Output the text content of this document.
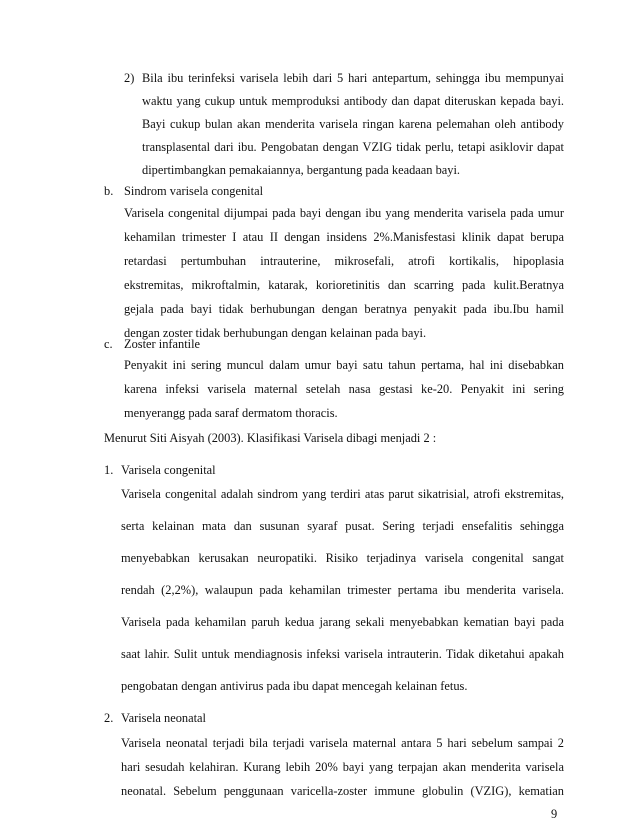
2) Bila ibu terinfeksi varisela lebih dari 5 hari antepartum, sehingga ibu mempunyai
waktu yang cukup untuk memproduksi antibody dan dapat diteruskan kepada bayi.
Bayi cukup bulan akan menderita varisela ringan karena pelemahan oleh antibody
transplasental dari ibu. Pengobatan dengan VZIG tidak perlu, tetapi asiklovir dapat
dipertimbangkan pemakaiannya, bergantung pada keadaan bayi.
b. Sindrom varisela congenital
Varisela congenital dijumpai pada bayi dengan ibu yang menderita varisela pada umur
kehamilan trimester I atau II dengan insidens 2%.Manisfestasi klinik dapat berupa
retardasi pertumbuhan intrauterine, mikrosefali, atrofi kortikalis, hipoplasia
ekstremitas, mikroftalmin, katarak, korioretinitis dan scarring pada kulit.Beratnya
gejala pada bayi tidak berhubungan dengan beratnya penyakit pada ibu.Ibu hamil
dengan zoster tidak berhubungan dengan kelainan pada bayi.
c. Zoster infantile
Penyakit ini sering muncul dalam umur bayi satu tahun pertama, hal ini disebabkan
karena infeksi varisela maternal setelah nasa gestasi ke-20. Penyakit ini sering
menyerangg pada saraf dermatom thoracis.
Menurut Siti Aisyah (2003). Klasifikasi Varisela dibagi menjadi 2 :
1. Varisela congenital
Varisela congenital adalah sindrom yang terdiri atas parut sikatrisial, atrofi ekstremitas,
serta kelainan mata dan susunan syaraf pusat. Sering terjadi ensefalitis sehingga
menyebabkan kerusakan neuropatiki. Risiko terjadinya varisela congenital sangat
rendah (2,2%), walaupun pada kehamilan trimester pertama ibu menderita varisela.
Varisela pada kehamilan paruh kedua jarang sekali menyebabkan kematian bayi pada
saat lahir. Sulit untuk mendiagnosis infeksi varisela intrauterin. Tidak diketahui apakah
pengobatan dengan antivirus pada ibu dapat mencegah kelainan fetus.
2. Varisela neonatal
9
Varisela neonatal terjadi bila terjadi varisela maternal antara 5 hari sebelum sampai 2
hari sesudah kelahiran. Kurang lebih 20% bayi yang terpajan akan menderita varisela
neonatal. Sebelum penggunaan varicella-zoster immune globulin (VZIG), kematian
